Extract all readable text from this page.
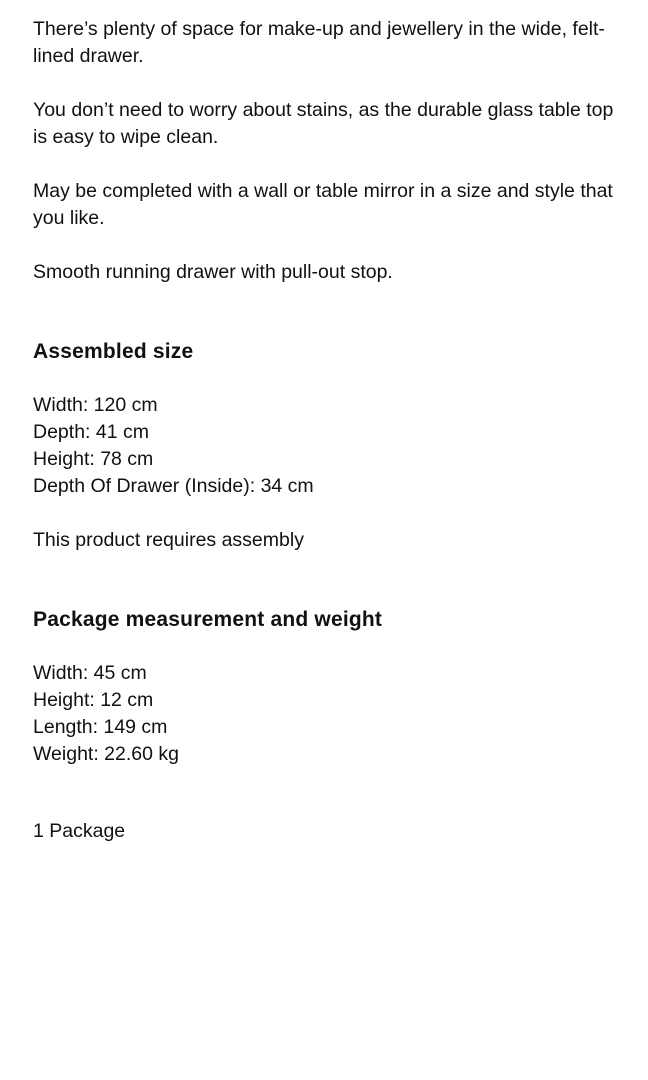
There’s plenty of space for make-up and jewellery in the wide, felt-lined drawer.

You don’t need to worry about stains, as the durable glass table top is easy to wipe clean.

May be completed with a wall or table mirror in a size and style that you like.

Smooth running drawer with pull-out stop.

Assembled size
Width: 120 cm
Depth: 41 cm
Height: 78 cm
Depth Of Drawer (Inside): 34 cm

This product requires assembly

Package measurement and weight
Width: 45 cm
Height: 12 cm
Length: 149 cm
Weight: 22.60 kg

1 Package
